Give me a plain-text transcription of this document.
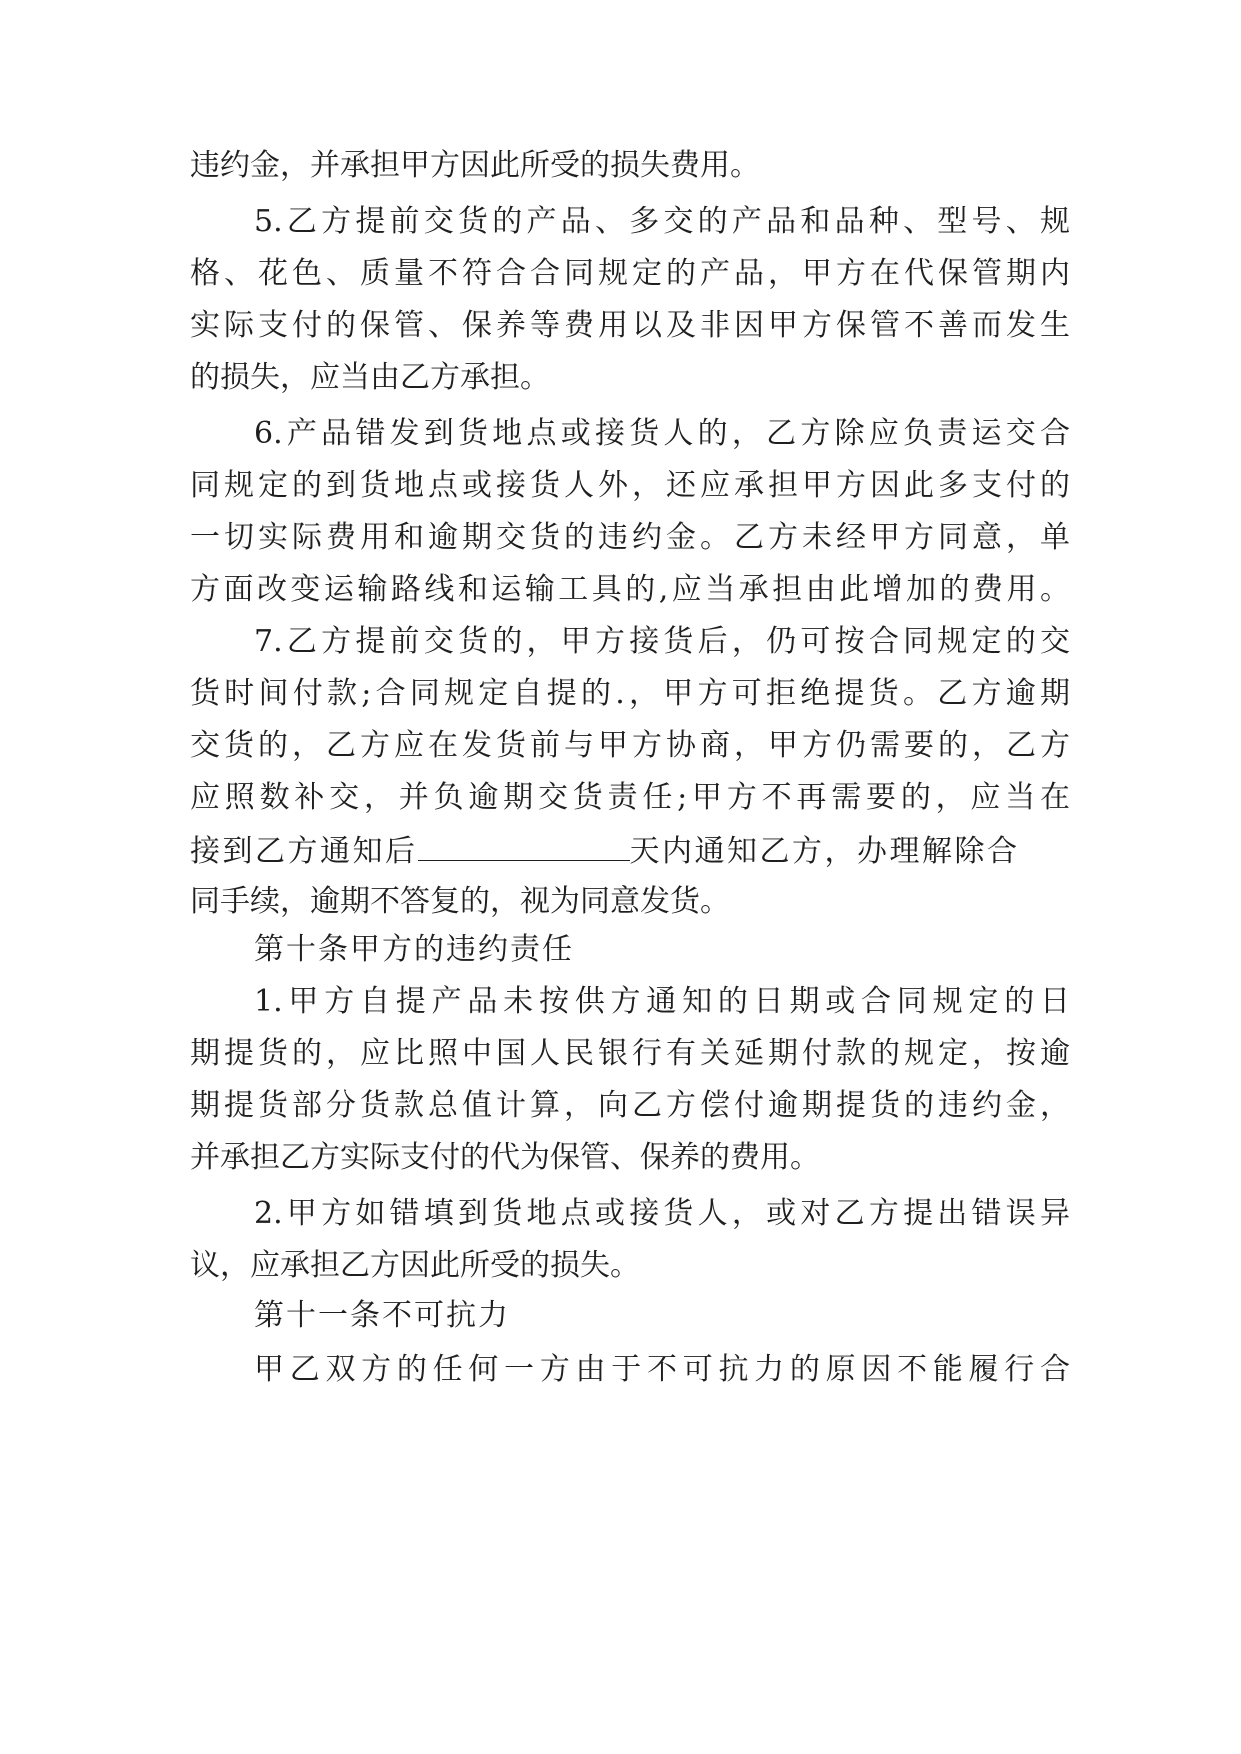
违约金，并承担甲方因此所受的损失费用。
5.乙方提前交货的产品、多交的产品和品种、型号、规
格、花色、质量不符合合同规定的产品，甲方在代保管期内
实际支付的保管、保养等费用以及非因甲方保管不善而发生
的损失，应当由乙方承担。
6.产品错发到货地点或接货人的，乙方除应负责运交合
同规定的到货地点或接货人外，还应承担甲方因此多支付的
一切实际费用和逾期交货的违约金。乙方未经甲方同意，单
方面改变运输路线和运输工具的,应当承担由此增加的费用。
7.乙方提前交货的，甲方接货后，仍可按合同规定的交
货时间付款;合同规定自提的.，甲方可拒绝提货。乙方逾期
交货的，乙方应在发货前与甲方协商，甲方仍需要的，乙方
应照数补交，并负逾期交货责任;甲方不再需要的，应当在
接到乙方通知后	天内通知乙方，办理解除合
同手续，逾期不答复的，视为同意发货。
第十条甲方的违约责任
1.甲方自提产品未按供方通知的日期或合同规定的日
期提货的，应比照中国人民银行有关延期付款的规定，按逾
期提货部分货款总值计算，向乙方偿付逾期提货的违约金，
并承担乙方实际支付的代为保管、保养的费用。
2.甲方如错填到货地点或接货人，或对乙方提出错误异
议，应承担乙方因此所受的损失。
第十一条不可抗力
甲乙双方的任何一方由于不可抗力的原因不能履行合
